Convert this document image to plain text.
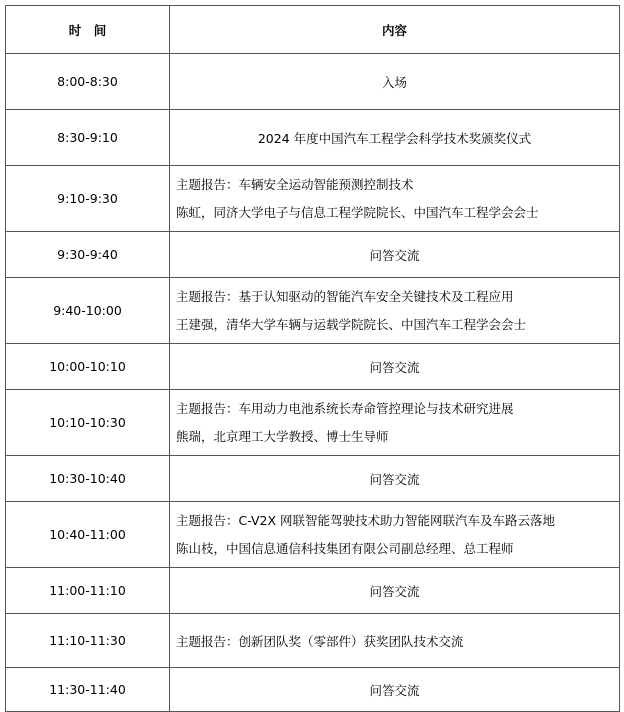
时　间	内容
8:00-8:30	入场
8:30-9:10	2024 年度中国汽车工程学会科学技术奖颁奖仪式
9:10-9:30	主题报告：车辆安全运动智能预测控制技术
陈虹，同济大学电子与信息工程学院院长、中国汽车工程学会会士

9:30-9:40	问答交流
9:40-10:00	主题报告：基于认知驱动的智能汽车安全关键技术及工程应用
王建强，清华大学车辆与运载学院院长、中国汽车工程学会会士

10:00-10:10	问答交流
10:10-10:30	主题报告：车用动力电池系统长寿命管控理论与技术研究进展
熊瑞，北京理工大学教授、博士生导师

10:30-10:40	问答交流
10:40-11:00	主题报告：C-V2X 网联智能驾驶技术助力智能网联汽车及车路云落地
陈山枝，中国信息通信科技集团有限公司副总经理、总工程师

11:00-11:10	问答交流
11:10-11:30	主题报告：创新团队奖（零部件）获奖团队技术交流
11:30-11:40	问答交流
